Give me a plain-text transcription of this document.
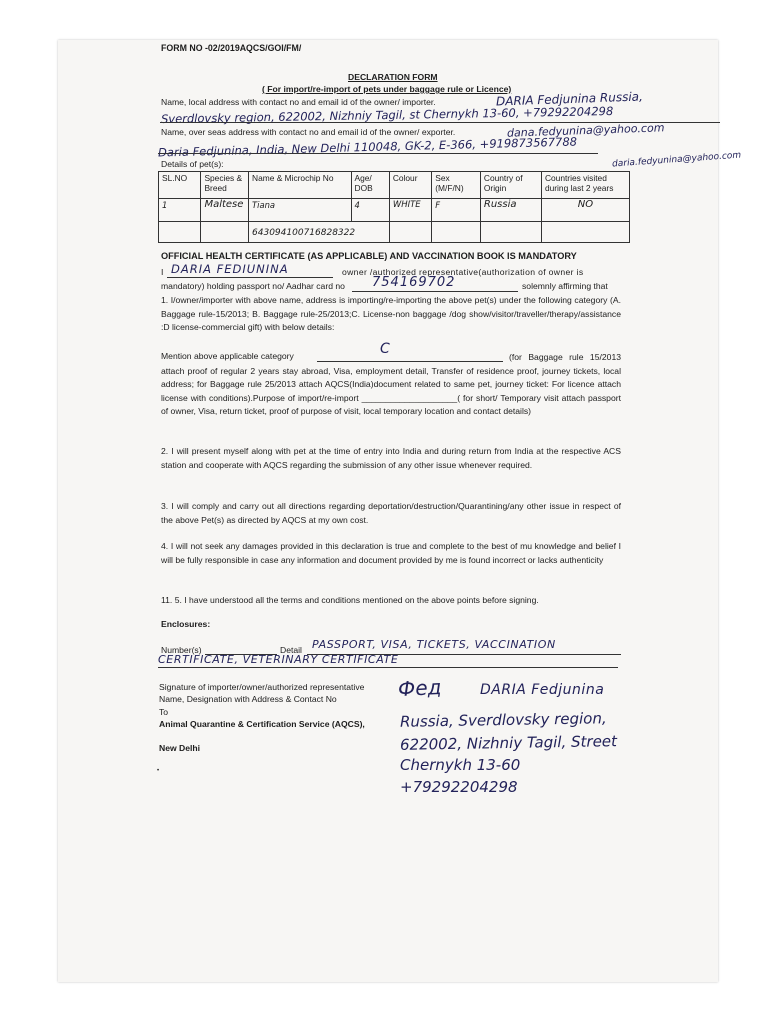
FORM NO -02/2019AQCS/GOI/FM/
DECLARATION FORM
( For import/re-import of pets under baggage rule or Licence)
Name, local address with contact no and email id of the owner/ importer.	DARIA Fedjunina Russia,
Sverdlovsky region, 622002, Nizhniy Tagil, st Chernykh 13-60, +79292204298
Name, over seas address with contact no and email id of the owner/ exporter.	dana.fedyunina@yahoo.com
Daria Fedjunina, India, New Delhi 110048, GK-2, E-366, +919873567788
daria.fedyunina@yahoo.com
Details of pet(s):
SL.NO	Species & Breed	Name & Microchip No	Age/ DOB	Colour	Sex (M/F/N)	Country of Origin	Countries visited during last 2 years
1	Maltese	Tiana	4	WHITE	F	Russia	NO
		643094100716828322					
OFFICIAL HEALTH CERTIFICATE (AS APPLICABLE) AND VACCINATION BOOK IS MANDATORY
I DARIA FEDIUNINA	owner /authorized representative(authorization of owner is
mandatory) holding passport no/ Aadhar card no 754169702	solemnly affirming that
1. I/owner/importer with above name, address is importing/re-importing the above pet(s) under the following category (A. Baggage rule-15/2013; B. Baggage rule-25/2013;C. License-non baggage /dog show/visitor/traveller/therapy/assistance :D license-commercial gift) with below details:
Mention above applicable category	C	(for Baggage rule 15/2013 attach proof of regular 2 years stay abroad, Visa, employment detail, Transfer of residence proof, journey tickets, local address; for Baggage rule 25/2013 attach AQCS(India)document related to same pet, journey ticket: For licence attach license with conditions).Purpose of import/re-import ____________________( for short/ Temporary visit attach passport of owner, Visa, return ticket, proof of purpose of visit, local temporary location and contact details)
2. I will present myself along with pet at the time of entry into India and during return from India at the respective ACS station and cooperate with AQCS regarding the submission of any other issue whenever required.
3. I will comply and carry out all directions regarding deportation/destruction/Quarantining/any other issue in respect of the above Pet(s) as directed by AQCS at my own cost.
4. I will not seek any damages provided in this declaration is true and complete to the best of mu knowledge and belief I will be fully responsible in case any information and document provided by me is found incorrect or lacks authenticity
11. 5. I have understood all the terms and conditions mentioned on the above points before signing.
Enclosures:
Number(s)	Detail PASSPORT, VISA, TICKETS, VACCINATION
CERTIFICATE, VETERINARY CERTIFICATE
Signature of importer/owner/authorized representative
Name, Designation with Address & Contact No
To
Animal Quarantine & Certification Service (AQCS),
New Delhi
•
Фед	DARIA Fedjunina
Russia, Sverdlovsky region,
622002, Nizhniy Tagil, Street
Chernykh 13-60
+79292204298
